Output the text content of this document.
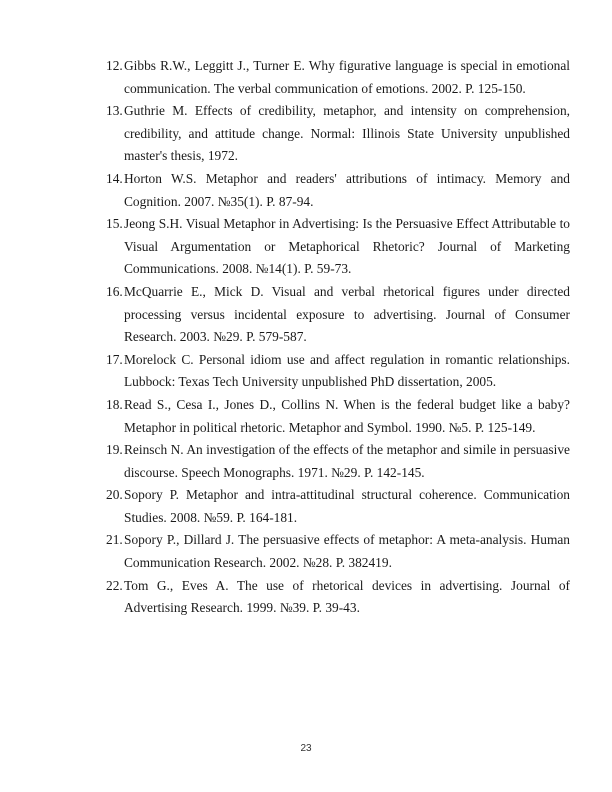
12. Gibbs R.W., Leggitt J., Turner E. Why figurative language is special in emotional communication. The verbal communication of emotions. 2002. P. 125-150.
13. Guthrie M. Effects of credibility, metaphor, and intensity on comprehension, credibility, and attitude change. Normal: Illinois State University unpublished master's thesis, 1972.
14. Horton W.S. Metaphor and readers' attributions of intimacy. Memory and Cognition. 2007. №35(1). P. 87-94.
15. Jeong S.H. Visual Metaphor in Advertising: Is the Persuasive Effect Attributable to Visual Argumentation or Metaphorical Rhetoric? Journal of Marketing Communications. 2008. №14(1). P. 59-73.
16. McQuarrie E., Mick D. Visual and verbal rhetorical figures under directed processing versus incidental exposure to advertising. Journal of Consumer Research. 2003. №29. P. 579-587.
17. Morelock C. Personal idiom use and affect regulation in romantic relationships. Lubbock: Texas Tech University unpublished PhD dissertation, 2005.
18. Read S., Cesa I., Jones D., Collins N. When is the federal budget like a baby? Metaphor in political rhetoric. Metaphor and Symbol. 1990. №5. P. 125-149.
19. Reinsch N. An investigation of the effects of the metaphor and simile in persuasive discourse. Speech Monographs. 1971. №29. P. 142-145.
20. Sopory P. Metaphor and intra-attitudinal structural coherence. Communication Studies. 2008. №59. P. 164-181.
21. Sopory P., Dillard J. The persuasive effects of metaphor: A meta-analysis. Human Communication Research. 2002. №28. P. 382419.
22. Tom G., Eves A. The use of rhetorical devices in advertising. Journal of Advertising Research. 1999. №39. P. 39-43.
23
